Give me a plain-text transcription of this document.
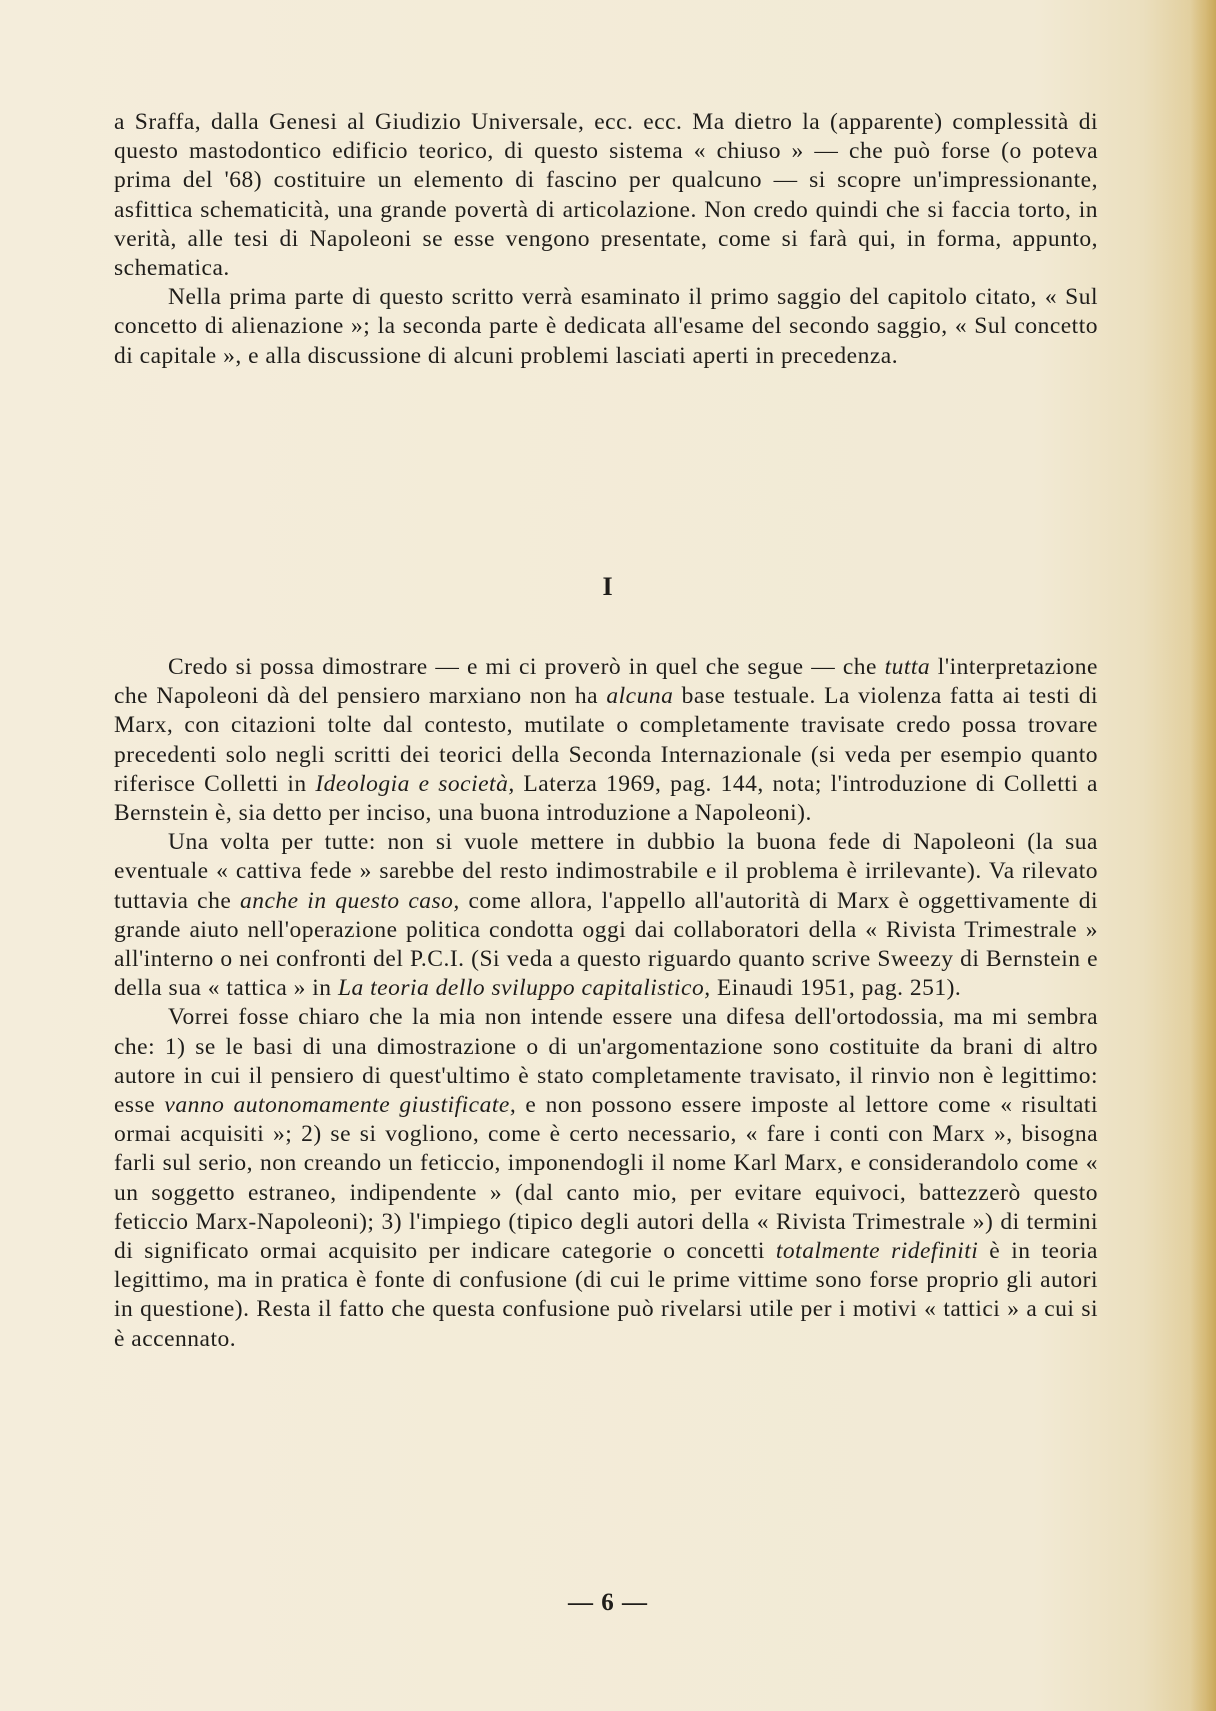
a Sraffa, dalla Genesi al Giudizio Universale, ecc. ecc. Ma dietro la (apparente) complessità di questo mastodontico edificio teorico, di questo sistema « chiuso » — che può forse (o poteva prima del '68) costituire un elemento di fascino per qualcuno — si scopre un'impressionante, asfittica schematicità, una grande povertà di articolazione. Non credo quindi che si faccia torto, in verità, alle tesi di Napoleoni se esse vengono presentate, come si farà qui, in forma, appunto, schematica.

Nella prima parte di questo scritto verrà esaminato il primo saggio del capitolo citato, « Sul concetto di alienazione »; la seconda parte è dedicata all'esame del secondo saggio, « Sul concetto di capitale », e alla discussione di alcuni problemi lasciati aperti in precedenza.

I

Credo si possa dimostrare — e mi ci proverò in quel che segue — che tutta l'interpretazione che Napoleoni dà del pensiero marxiano non ha alcuna base testuale. La violenza fatta ai testi di Marx, con citazioni tolte dal contesto, mutilate o completamente travisate credo possa trovare precedenti solo negli scritti dei teorici della Seconda Internazionale (si veda per esempio quanto riferisce Colletti in Ideologia e società, Laterza 1969, pag. 144, nota; l'introduzione di Colletti a Bernstein è, sia detto per inciso, una buona introduzione a Napoleoni).

Una volta per tutte: non si vuole mettere in dubbio la buona fede di Napoleoni (la sua eventuale « cattiva fede » sarebbe del resto indimostrabile e il problema è irrilevante). Va rilevato tuttavia che anche in questo caso, come allora, l'appello all'autorità di Marx è oggettivamente di grande aiuto nell'operazione politica condotta oggi dai collaboratori della « Rivista Trimestrale » all'interno o nei confronti del P.C.I. (Si veda a questo riguardo quanto scrive Sweezy di Bernstein e della sua « tattica » in La teoria dello sviluppo capitalistico, Einaudi 1951, pag. 251).

Vorrei fosse chiaro che la mia non intende essere una difesa dell'ortodossia, ma mi sembra che: 1) se le basi di una dimostrazione o di un'argomentazione sono costituite da brani di altro autore in cui il pensiero di quest'ultimo è stato completamente travisato, il rinvio non è legittimo: esse vanno autonomamente giustificate, e non possono essere imposte al lettore come « risultati ormai acquisiti »; 2) se si vogliono, come è certo necessario, « fare i conti con Marx », bisogna farli sul serio, non creando un feticcio, imponendogli il nome Karl Marx, e considerandolo come « un soggetto estraneo, indipendente » (dal canto mio, per evitare equivoci, battezzerò questo feticcio Marx-Napoleoni); 3) l'impiego (tipico degli autori della « Rivista Trimestrale ») di termini di significato ormai acquisito per indicare categorie o concetti totalmente ridefiniti è in teoria legittimo, ma in pratica è fonte di confusione (di cui le prime vittime sono forse proprio gli autori in questione). Resta il fatto che questa confusione può rivelarsi utile per i motivi « tattici » a cui si è accennato.

— 6 —
